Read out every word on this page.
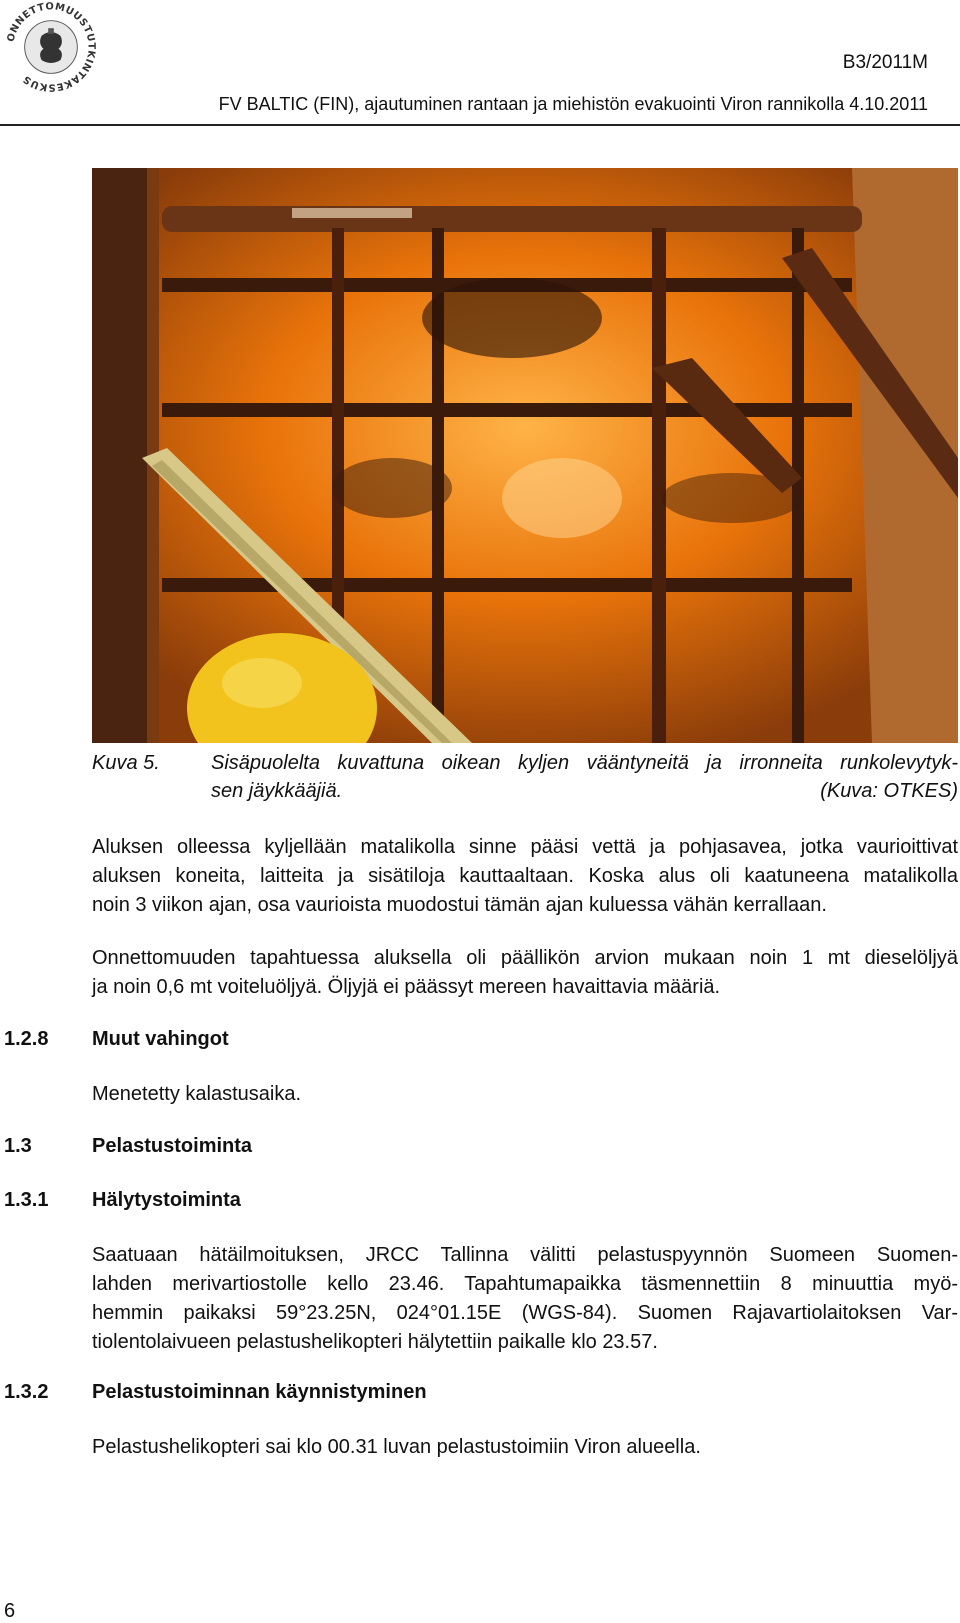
ONNETTOMUUSTUTKINTAKESKUS
B3/2011M
FV BALTIC (FIN), ajautuminen rantaan ja miehistön evakuointi Viron rannikolla 4.10.2011
Kuva 5.	Sisäpuolelta kuvattuna oikean kyljen vääntyneitä ja irronneita runkolevytyk-
sen jäykkääjiä.	(Kuva: OTKES)

Aluksen olleessa kyljellään matalikolla sinne pääsi vettä ja pohjasavea, jotka vaurioittivat

aluksen koneita, laitteita ja sisätiloja kauttaaltaan. Koska alus oli kaatuneena matalikolla

noin 3 viikon ajan, osa vaurioista muodostui tämän ajan kuluessa vähän kerrallaan.

Onnettomuuden tapahtuessa aluksella oli päällikön arvion mukaan noin 1 mt dieselöljyä

ja noin 0,6 mt voiteluöljyä. Öljyjä ei päässyt mereen havaittavia määriä.

1.2.8 Muut vahingot
Menetetty kalastusaika.
1.3	Pelastustoiminta
1.3.1 Hälytystoiminta

Saatuaan hätäilmoituksen, JRCC Tallinna välitti pelastuspyynnön Suomeen Suomen-

lahden merivartiostolle kello 23.46. Tapahtumapaikka täsmennettiin 8 minuuttia myö-

hemmin paikaksi 59°23.25N, 024°01.15E (WGS-84). Suomen Rajavartiolaitoksen Var-

tiolentolaivueen pelastushelikopteri hälytettiin paikalle klo 23.57.

1.3.2 Pelastustoiminnan käynnistyminen
Pelastushelikopteri sai klo 00.31 luvan pelastustoimiin Viron alueella.
6
